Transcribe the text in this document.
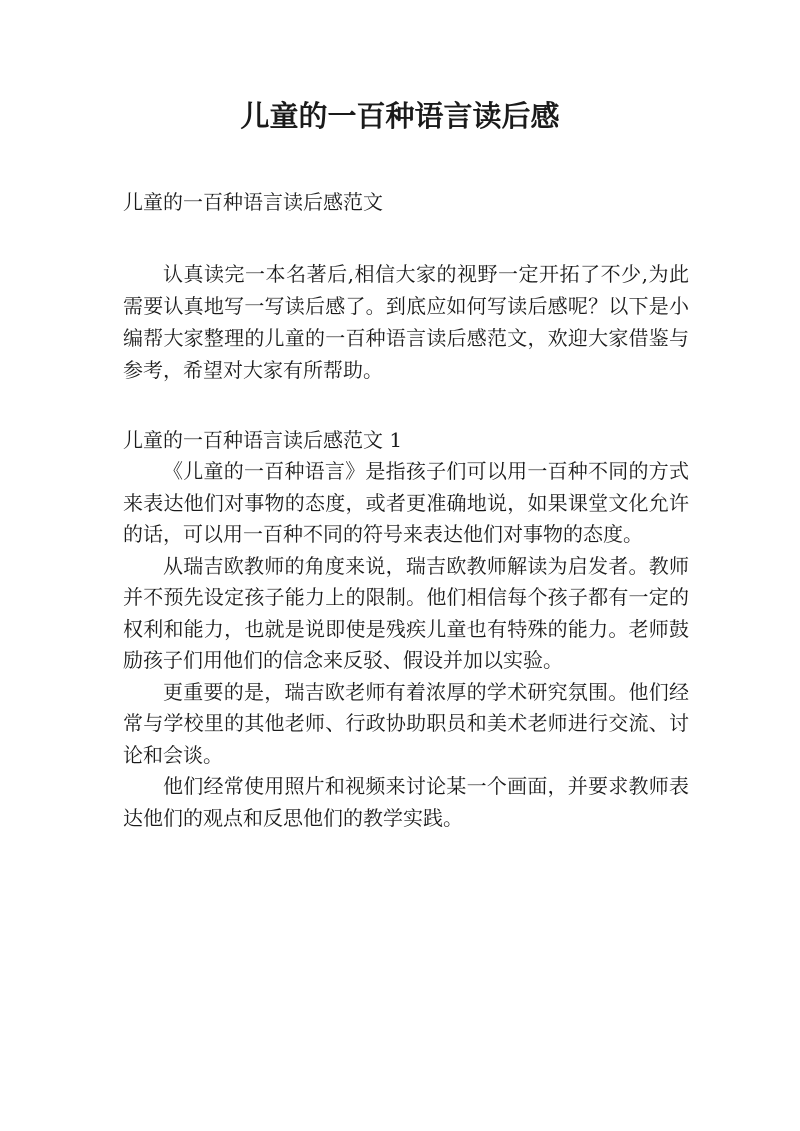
儿童的一百种语言读后感

儿童的一百种语言读后感范文

认真读完一本名著后,相信大家的视野一定开拓了不少,为此需要认真地写一写读后感了。到底应如何写读后感呢？以下是小编帮大家整理的儿童的一百种语言读后感范文，欢迎大家借鉴与参考，希望对大家有所帮助。

儿童的一百种语言读后感范文 1

《儿童的一百种语言》是指孩子们可以用一百种不同的方式来表达他们对事物的态度，或者更准确地说，如果课堂文化允许的话，可以用一百种不同的符号来表达他们对事物的态度。

从瑞吉欧教师的角度来说，瑞吉欧教师解读为启发者。教师并不预先设定孩子能力上的限制。他们相信每个孩子都有一定的权利和能力，也就是说即使是残疾儿童也有特殊的能力。老师鼓励孩子们用他们的信念来反驳、假设并加以实验。

更重要的是，瑞吉欧老师有着浓厚的学术研究氛围。他们经常与学校里的其他老师、行政协助职员和美术老师进行交流、讨论和会谈。

他们经常使用照片和视频来讨论某一个画面，并要求教师表达他们的观点和反思他们的教学实践。
